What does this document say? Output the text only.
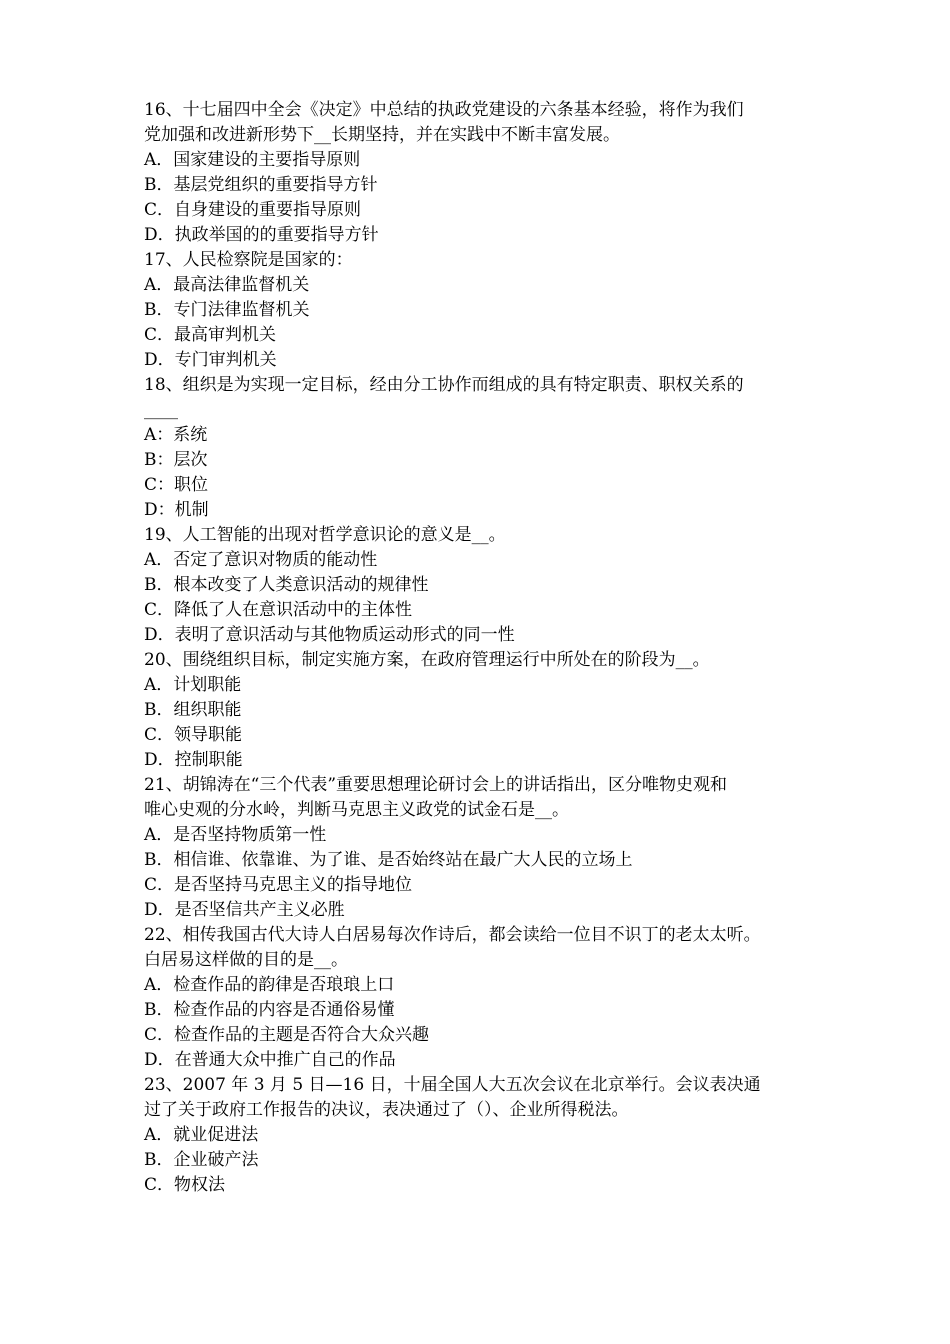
16、十七届四中全会《决定》中总结的执政党建设的六条基本经验，将作为我们
党加强和改进新形势下__长期坚持，并在实践中不断丰富发展。
A．国家建设的主要指导原则
B．基层党组织的重要指导方针
C．自身建设的重要指导原则
D．执政举国的的重要指导方针
17、人民检察院是国家的：
A．最高法律监督机关
B．专门法律监督机关
C．最高审判机关
D．专门审判机关
18、组织是为实现一定目标，经由分工协作而组成的具有特定职责、职权关系的
____
A：系统
B：层次
C：职位
D：机制
19、人工智能的出现对哲学意识论的意义是__。
A．否定了意识对物质的能动性
B．根本改变了人类意识活动的规律性
C．降低了人在意识活动中的主体性
D．表明了意识活动与其他物质运动形式的同一性
20、围绕组织目标，制定实施方案，在政府管理运行中所处在的阶段为__。
A．计划职能
B．组织职能
C．领导职能
D．控制职能
21、胡锦涛在“三个代表”重要思想理论研讨会上的讲话指出，区分唯物史观和
唯心史观的分水岭，判断马克思主义政党的试金石是__。
A．是否坚持物质第一性
B．相信谁、依靠谁、为了谁、是否始终站在最广大人民的立场上
C．是否坚持马克思主义的指导地位
D．是否坚信共产主义必胜
22、相传我国古代大诗人白居易每次作诗后，都会读给一位目不识丁的老太太听。
白居易这样做的目的是__。
A．检查作品的韵律是否琅琅上口
B．检查作品的内容是否通俗易懂
C．检查作品的主题是否符合大众兴趣
D．在普通大众中推广自己的作品
23、2007 年 3 月 5 日—16 日，十届全国人大五次会议在北京举行。会议表决通
过了关于政府工作报告的决议，表决通过了（）、企业所得税法。
A．就业促进法
B．企业破产法
C．物权法
